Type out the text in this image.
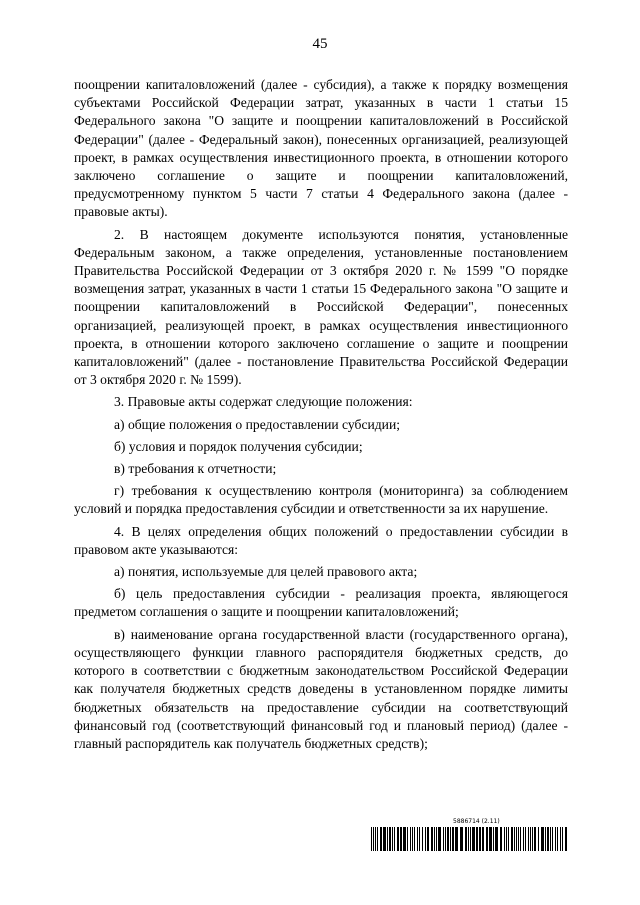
45

поощрении капиталовложений (далее - субсидия), а также к порядку возмещения субъектами Российской Федерации затрат, указанных в части 1 статьи 15 Федерального закона "О защите и поощрении капиталовложений в Российской Федерации" (далее - Федеральный закон), понесенных организацией, реализующей проект, в рамках осуществления инвестиционного проекта, в отношении которого заключено соглашение о защите и поощрении капиталовложений, предусмотренному пунктом 5 части 7 статьи 4 Федерального закона (далее - правовые акты).

2. В настоящем документе используются понятия, установленные Федеральным законом, а также определения, установленные постановлением Правительства Российской Федерации от 3 октября 2020 г. № 1599 "О порядке возмещения затрат, указанных в части 1 статьи 15 Федерального закона "О защите и поощрении капиталовложений в Российской Федерации", понесенных организацией, реализующей проект, в рамках осуществления инвестиционного проекта, в отношении которого заключено соглашение о защите и поощрении капиталовложений" (далее - постановление Правительства Российской Федерации от 3 октября 2020 г. № 1599).

3. Правовые акты содержат следующие положения:

а) общие положения о предоставлении субсидии;

б) условия и порядок получения субсидии;

в) требования к отчетности;

г) требования к осуществлению контроля (мониторинга) за соблюдением условий и порядка предоставления субсидии и ответственности за их нарушение.

4. В целях определения общих положений о предоставлении субсидии в правовом акте указываются:

а) понятия, используемые для целей правового акта;

б) цель предоставления субсидии - реализация проекта, являющегося предметом соглашения о защите и поощрении капиталовложений;

в) наименование органа государственной власти (государственного органа), осуществляющего функции главного распорядителя бюджетных средств, до которого в соответствии с бюджетным законодательством Российской Федерации как получателя бюджетных средств доведены в установленном порядке лимиты бюджетных обязательств на предоставление субсидии на соответствующий финансовый год (соответствующий финансовый год и плановый период) (далее - главный распорядитель как получатель бюджетных средств);

5886714 (2.11)
